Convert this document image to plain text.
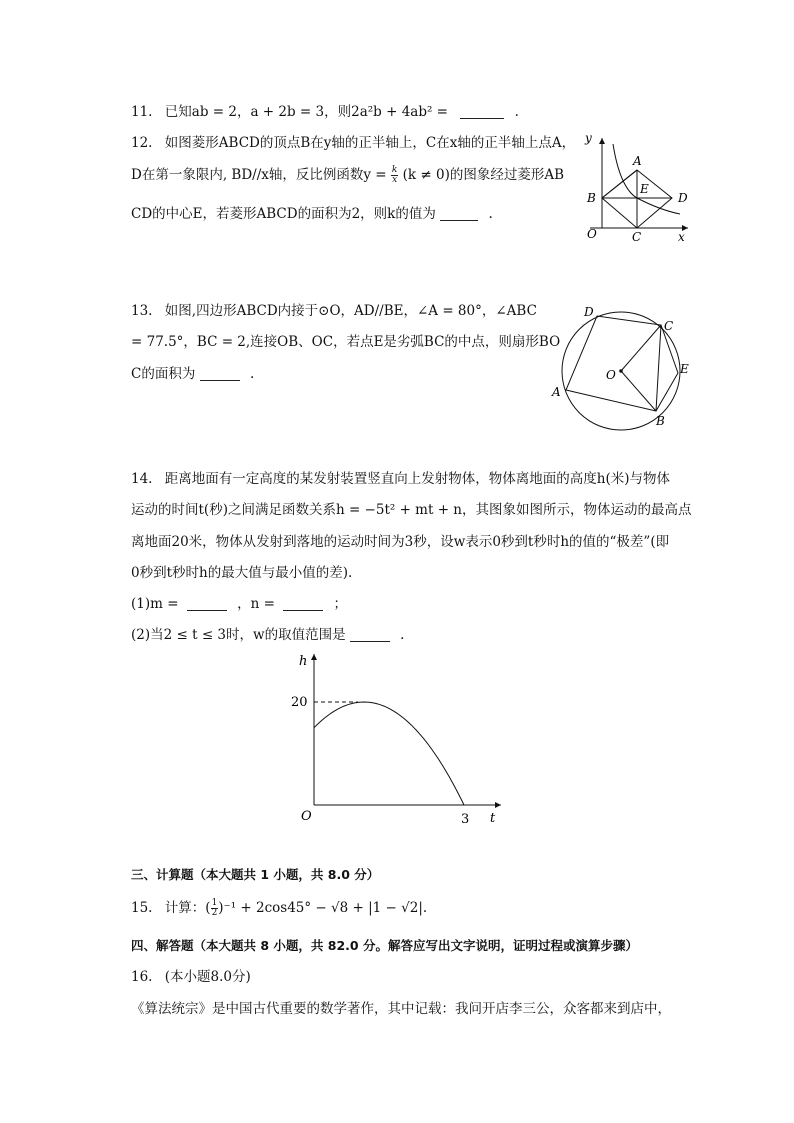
11. 已知ab = 2，a + 2b = 3，则2a²b + 4ab² =	.
12. 如图菱形ABCD的顶点B在y轴的正半轴上，C在x轴的正半轴上点A，
D在第一象限内, BD//x轴，反比例函数$y = \frac{k}{x} (k \ne 0)$的图象经过菱形AB
CD的中心E，若菱形ABCD的面积为2，则k的值为	.
y
x
A
B
C
D
E
O
13. 如图,四边形ABCD内接于⊙O，AD//BE，∠A = 80°，∠ABC
= 77.5°，BC = 2,连接OB、OC，若点E是劣弧BC的中点，则扇形BO
C的面积为	.
A
B
C
D
E
O
14. 距离地面有一定高度的某发射装置竖直向上发射物体，物体离地面的高度h(米)与物体
运动的时间t(秒)之间满足函数关系h = −5t² + mt + n，其图象如图所示，物体运动的最高点
离地面20米，物体从发射到落地的运动时间为3秒，设w表示0秒到t秒时h的值的“极差”(即
0秒到t秒时h的最大值与最小值的差).
(1)m =	，n =	；
(2)当2 ≤ t ≤ 3时，w的取值范围是	.
20
3
h
t
O
三、计算题（本大题共 1 小题，共 8.0 分）
15. 计算：( $\frac{1}{2} )^{-1} + 2\cos 45^\circ - √8 + |1 - √2|$.
四、解答题（本大题共 8 小题，共 82.0 分。解答应写出文字说明，证明过程或演算步骤）
16. (本小题8.0分)
《算法统宗》是中国古代重要的数学著作，其中记载：我问开店李三公，众客都来到店中，
